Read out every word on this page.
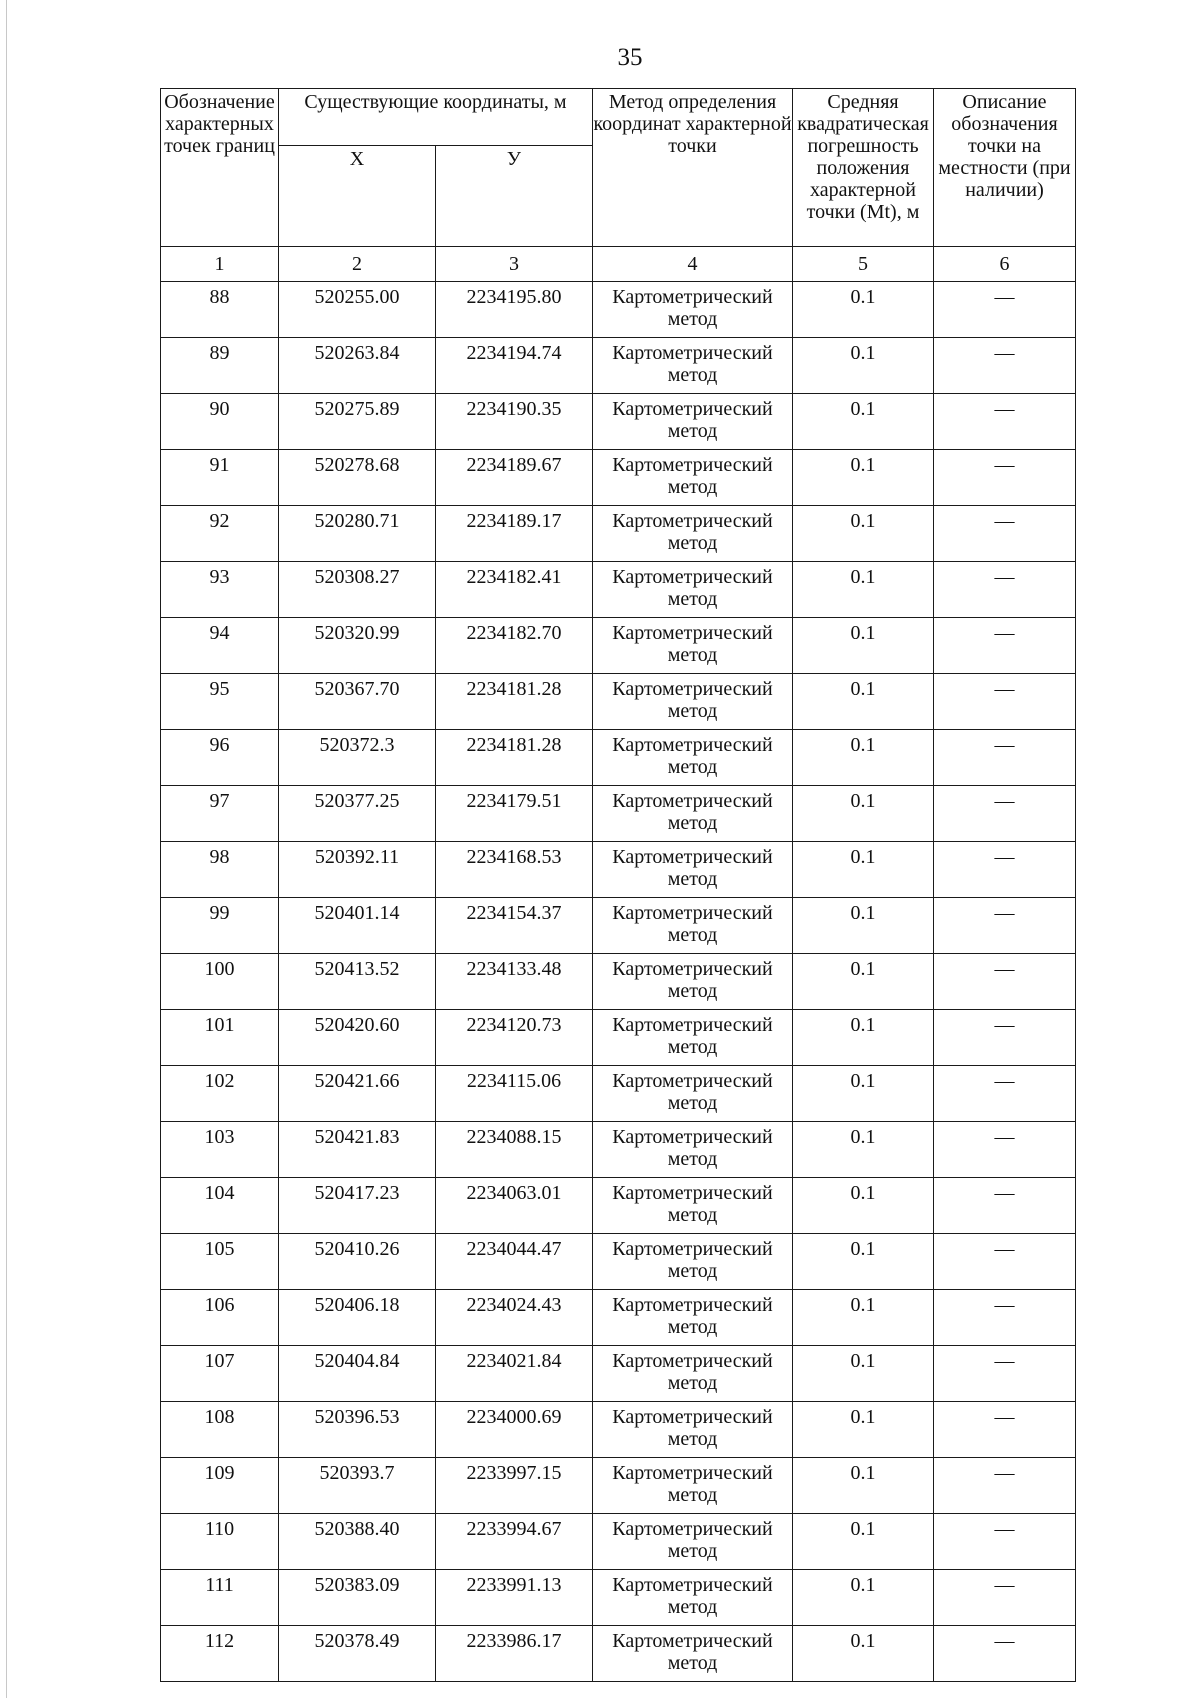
35
Обозначение характерных точек границ	Существующие координаты, м		Метод определения координат характерной точки	Средняя квадратическая погрешность положения характерной точки (Mt), м	Описание обозначения точки на местности (при наличии)
	Х	У			
1	2	3	4	5	6
88	520255.00	2234195.80	Картометрический метод	0.1	—
89	520263.84	2234194.74	Картометрический метод	0.1	—
90	520275.89	2234190.35	Картометрический метод	0.1	—
91	520278.68	2234189.67	Картометрический метод	0.1	—
92	520280.71	2234189.17	Картометрический метод	0.1	—
93	520308.27	2234182.41	Картометрический метод	0.1	—
94	520320.99	2234182.70	Картометрический метод	0.1	—
95	520367.70	2234181.28	Картометрический метод	0.1	—
96	520372.3	2234181.28	Картометрический метод	0.1	—
97	520377.25	2234179.51	Картометрический метод	0.1	—
98	520392.11	2234168.53	Картометрический метод	0.1	—
99	520401.14	2234154.37	Картометрический метод	0.1	—
100	520413.52	2234133.48	Картометрический метод	0.1	—
101	520420.60	2234120.73	Картометрический метод	0.1	—
102	520421.66	2234115.06	Картометрический метод	0.1	—
103	520421.83	2234088.15	Картометрический метод	0.1	—
104	520417.23	2234063.01	Картометрический метод	0.1	—
105	520410.26	2234044.47	Картометрический метод	0.1	—
106	520406.18	2234024.43	Картометрический метод	0.1	—
107	520404.84	2234021.84	Картометрический метод	0.1	—
108	520396.53	2234000.69	Картометрический метод	0.1	—
109	520393.7	2233997.15	Картометрический метод	0.1	—
110	520388.40	2233994.67	Картометрический метод	0.1	—
111	520383.09	2233991.13	Картометрический метод	0.1	—
112	520378.49	2233986.17	Картометрический метод	0.1	—
